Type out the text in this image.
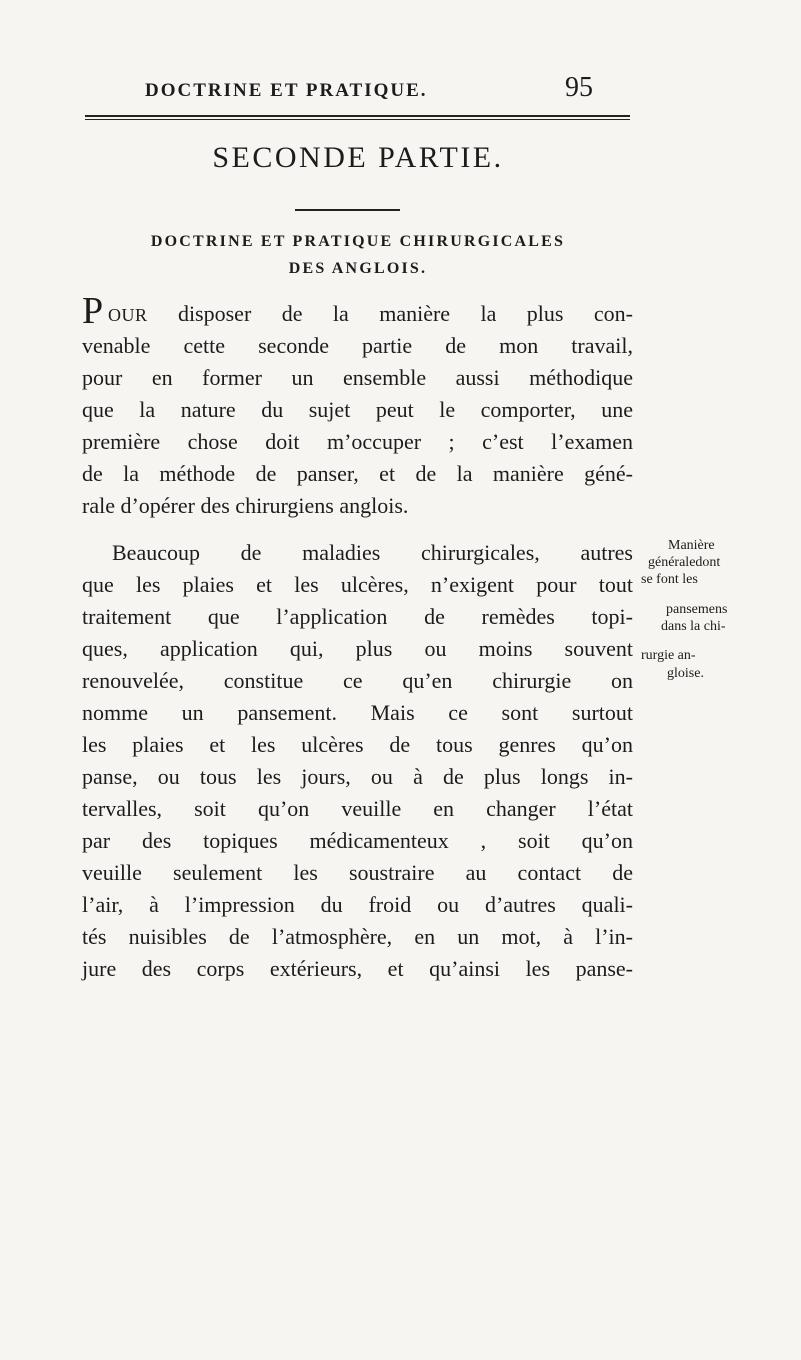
DOCTRINE ET PRATIQUE.	95
SECONDE PARTIE.
DOCTRINE ET PRATIQUE CHIRURGICALES
DES ANGLOIS.
P OUR disposer de la manière la plus con-
venable cette seconde partie de mon travail,
pour en former un ensemble aussi méthodique
que la nature du sujet peut le comporter, une
première chose doit m’occuper ; c’est l’examen
de la méthode de panser, et de la manière géné-
rale d’opérer des chirurgiens anglois.
Beaucoup de maladies chirurgicales, autres
que les plaies et les ulcères, n’exigent pour tout
traitement que l’application de remèdes topi-
ques, application qui, plus ou moins souvent
renouvelée, constitue ce qu’en chirurgie on
nomme un pansement. Mais ce sont surtout
les plaies et les ulcères de tous genres qu’on
panse, ou tous les jours, ou à de plus longs in-
tervalles, soit qu’on veuille en changer l’état
par des topiques médicamenteux , soit qu’on
veuille seulement les soustraire au contact de
l’air, à l’impression du froid ou d’autres quali-
tés nuisibles de l’atmosphère, en un mot, à l’in-
jure des corps extérieurs, et qu’ainsi les panse-
Manière
généraledont
se font les
pansemens
dans la chi-
rurgie an-
gloise.
